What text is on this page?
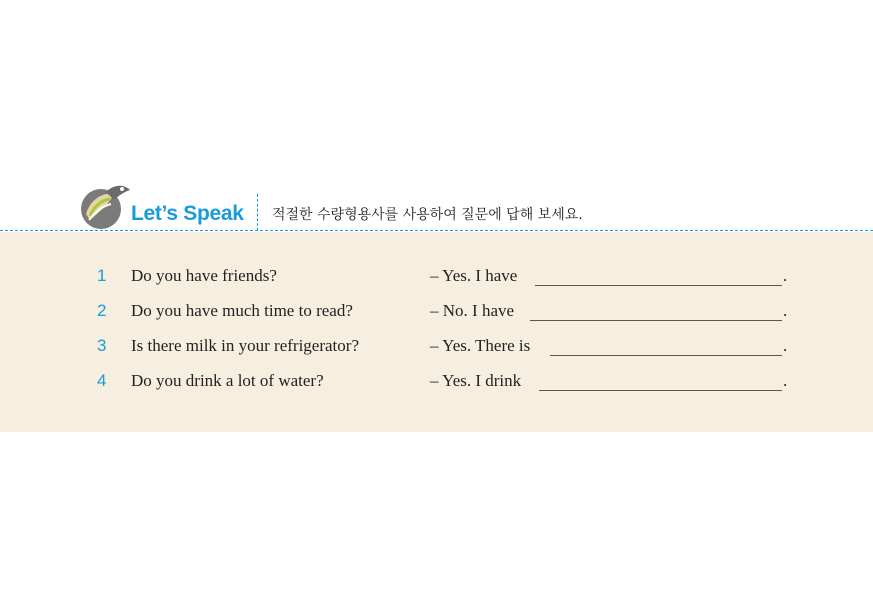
Let’s Speak 적절한 수량형용사를 사용하여 질문에 답해 보세요.
1 Do you have friends?	– Yes. I have	.
2 Do you have much time to read?	– No. I have	.
3 Is there milk in your refrigerator?	– Yes. There is	.
4 Do you drink a lot of water?	– Yes. I drink	.
